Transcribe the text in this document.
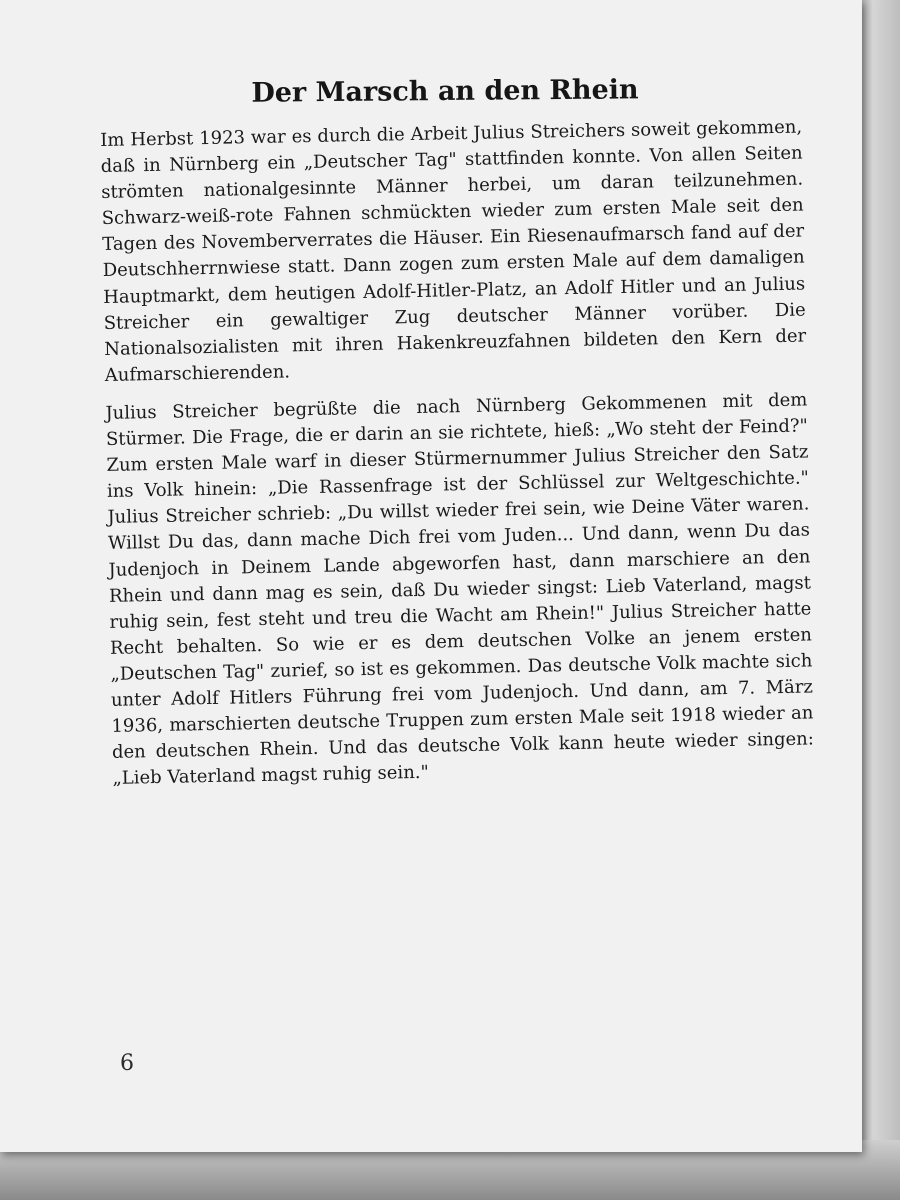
Der Marsch an den Rhein

Im Herbst 1923 war es durch die Arbeit Julius Streichers soweit gekommen, daß in Nürnberg ein „Deutscher Tag" stattfinden konnte. Von allen Seiten strömten nationalgesinnte Männer herbei, um daran teilzunehmen. Schwarz-weiß-rote Fahnen schmückten wieder zum ersten Male seit den Tagen des Novemberverrates die Häuser. Ein Riesenaufmarsch fand auf der Deutschherrnwiese statt. Dann zogen zum ersten Male auf dem damaligen Hauptmarkt, dem heutigen Adolf-Hitler-Platz, an Adolf Hitler und an Julius Streicher ein gewaltiger Zug deutscher Männer vorüber. Die Nationalsozialisten mit ihren Hakenkreuzfahnen bildeten den Kern der Aufmarschierenden.

Julius Streicher begrüßte die nach Nürnberg Gekommenen mit dem Stürmer. Die Frage, die er darin an sie richtete, hieß: „Wo steht der Feind?" Zum ersten Male warf in dieser Stürmernummer Julius Streicher den Satz ins Volk hinein: „Die Rassenfrage ist der Schlüssel zur Weltgeschichte." Julius Streicher schrieb: „Du willst wieder frei sein, wie Deine Väter waren. Willst Du das, dann mache Dich frei vom Juden... Und dann, wenn Du das Judenjoch in Deinem Lande abgeworfen hast, dann marschiere an den Rhein und dann mag es sein, daß Du wieder singst: Lieb Vaterland, magst ruhig sein, fest steht und treu die Wacht am Rhein!" Julius Streicher hatte Recht behalten. So wie er es dem deutschen Volke an jenem ersten „Deutschen Tag" zurief, so ist es gekommen. Das deutsche Volk machte sich unter Adolf Hitlers Führung frei vom Judenjoch. Und dann, am 7. März 1936, marschierten deutsche Truppen zum ersten Male seit 1918 wieder an den deutschen Rhein. Und das deutsche Volk kann heute wieder singen: „Lieb Vaterland magst ruhig sein."

6
